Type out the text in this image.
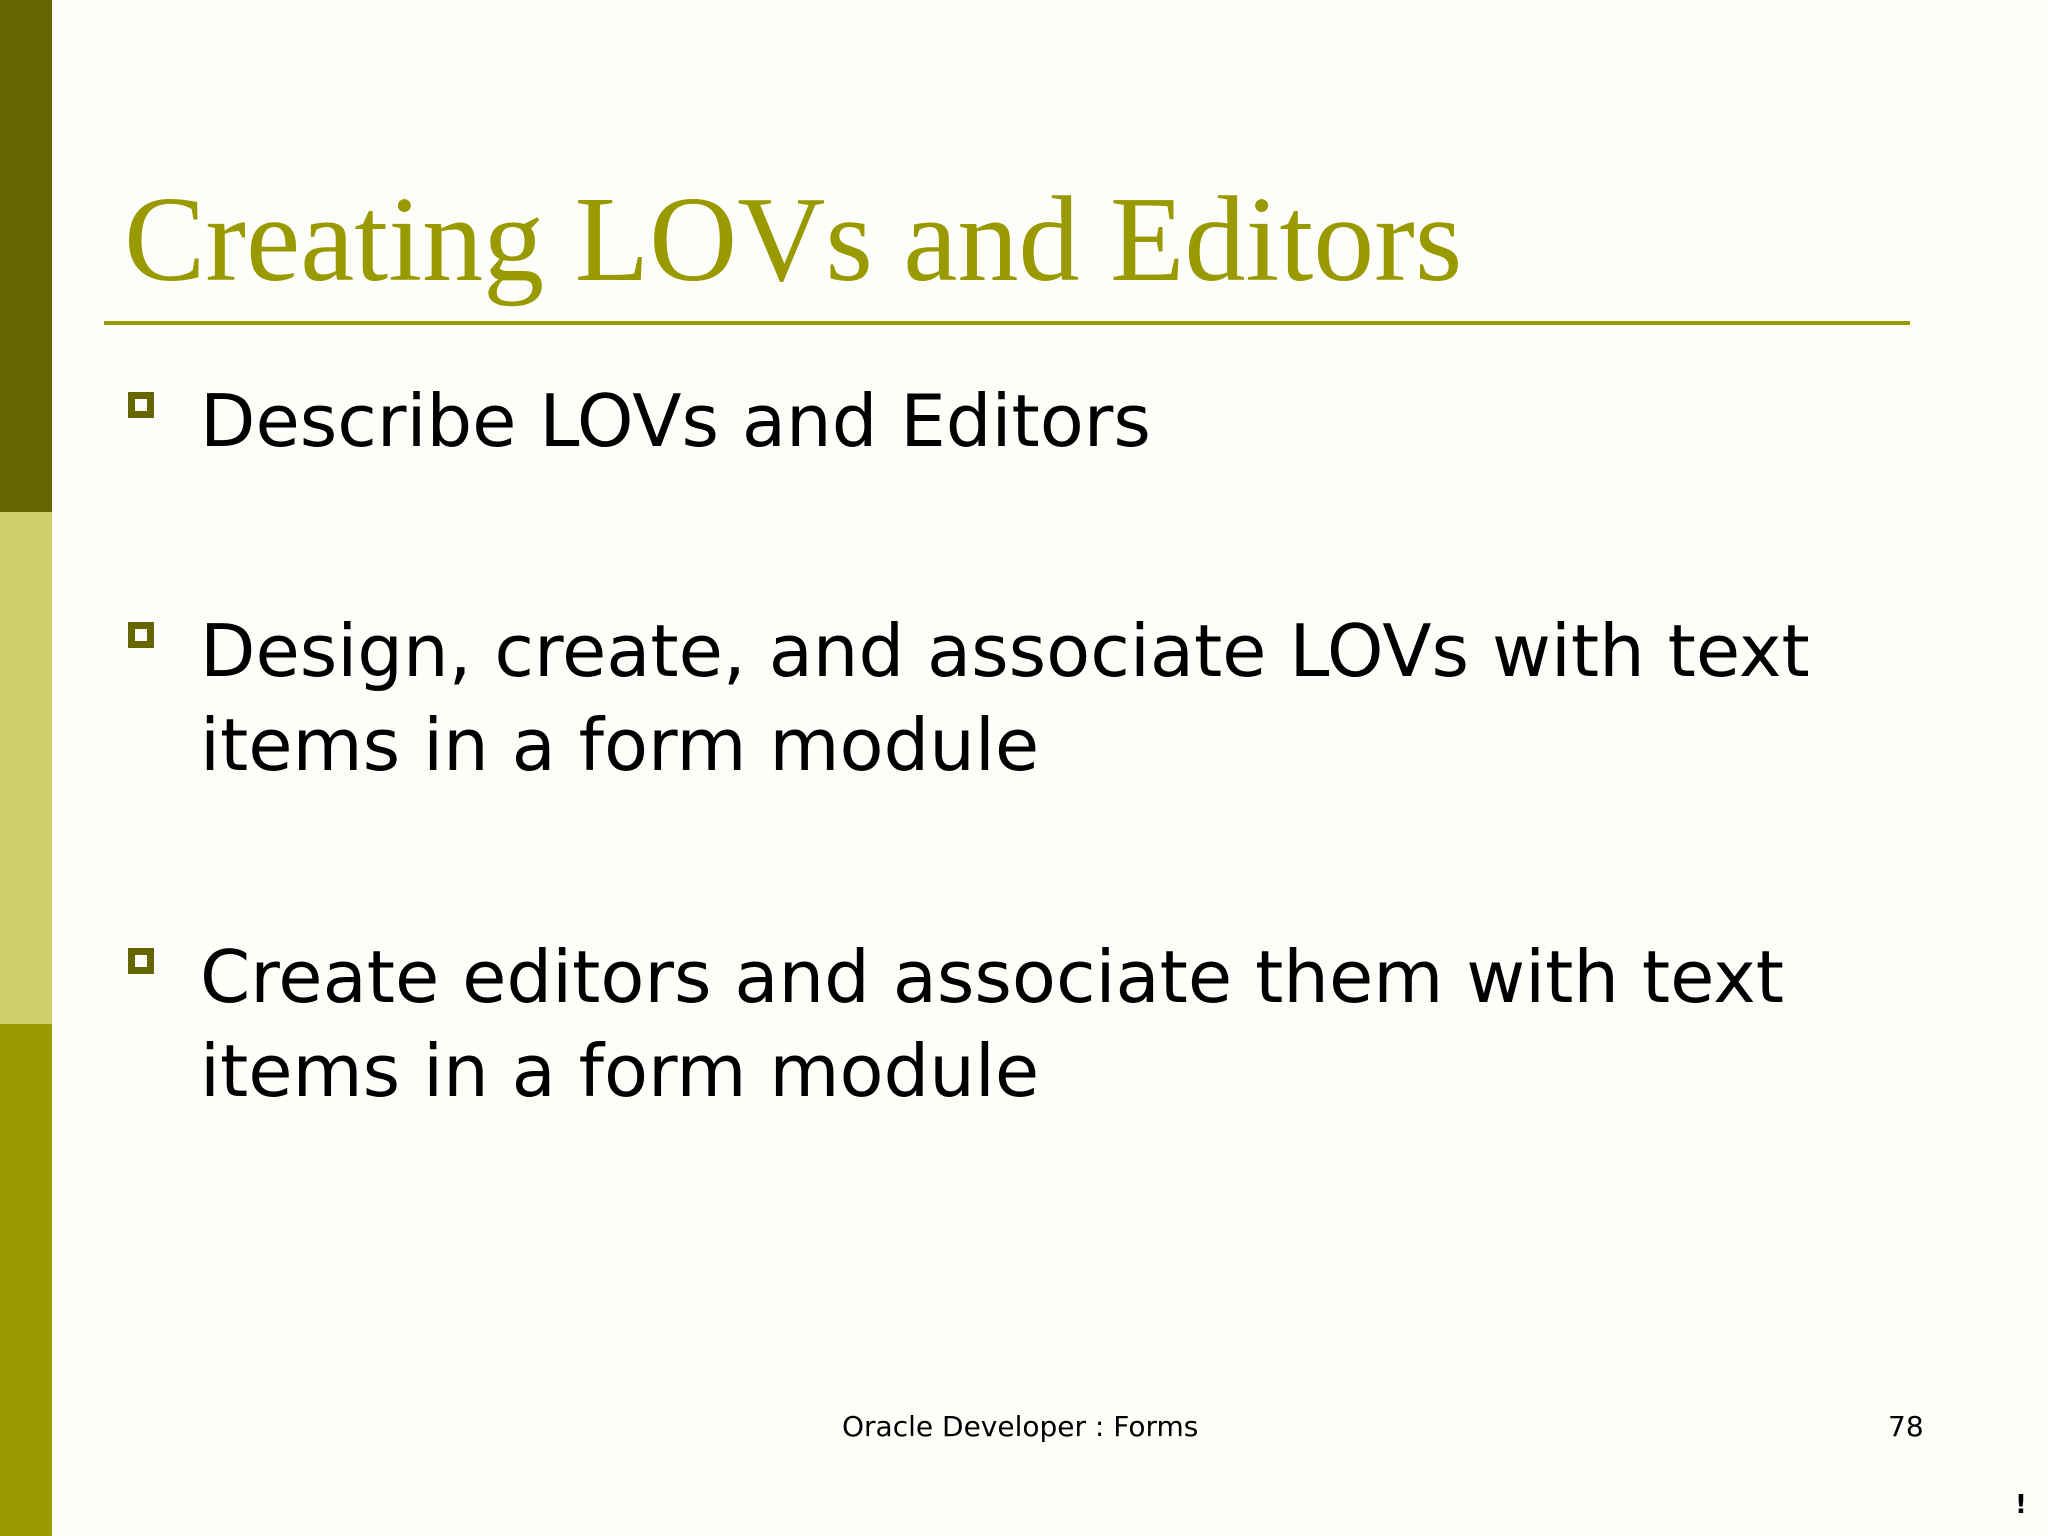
Creating LOVs and Editors
Describe LOVs and Editors
Design, create, and associate LOVs with text items in a form module
Create editors and associate them with text items in a form module
Oracle Developer : Forms	78
!
